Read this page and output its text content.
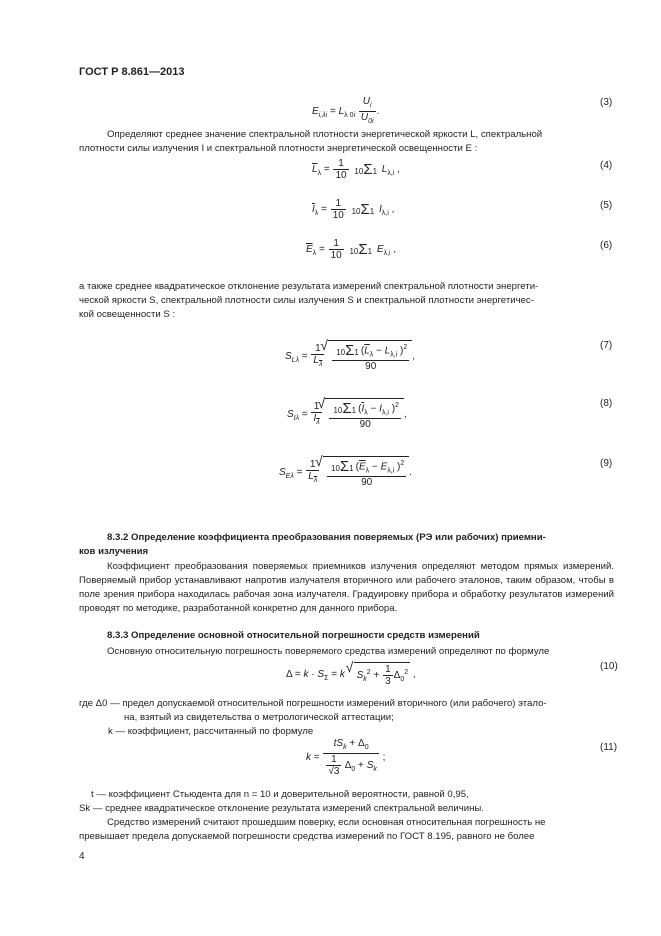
ГОСТ Р 8.861—2013
$E_{i,\lambda i} = L_{\lambda 0i} \frac{U_i}{U_{0i}}$ .
(3)
Определяют среднее значение спектральной плотности энергетической яркости L, спектральной
плотности силы излучения I и спектральной плотности энергетической освещенности E :
$\overline{L}_\lambda = \frac{1}{10} 10\Sigma 1$ $L_{\lambda,i}$ ,	(4)
$\overline{I}_\lambda = \frac{1}{10} 10\Sigma 1$ $I_{\lambda,i}$ ,	(5)
$\overline{E}_\lambda = \frac{1}{10} 10\Sigma 1$ $E_{\lambda,i}$ ,	(6)
а также среднее квадратическое отклонение результата измерений спектральной плотности энергети-
ческой яркости S, спектральной плотности силы излучения S и спектральной плотности энергетичес-
кой освещенности S :
$S_{L\lambda} = \frac{1}{L_\lambda}$
√ $\frac{10\Sigma 1 (\overline{L}_\lambda - L_{\lambda,i} )^2}{90}$ ,
(7)
$S_{I\lambda} = \frac{1}{I_\lambda}$
√ $\frac{10\Sigma 1 (\overline{I}_\lambda - I_{\lambda,i} )^2}{90}$ ,
(8)
$S_{E\lambda} = \frac{1}{L_\lambda}$
√ $\frac{10\Sigma 1 (\overline{E}_\lambda - E_{\lambda,i} )^2}{90}$ .
(9)
8.3.2 Определение коэффициента преобразования поверяемых (РЭ или рабочих) приемни-
ков излучения
Коэффициент преобразования поверяемых приемников излучения определяют методом прямых измерений. Поверяемый прибор устанавливают напротив излучателя вторичного или рабочего эталонов, таким образом, чтобы в поле зрения прибора находилась рабочая зона излучателя. Градуировку прибора и обработку результатов измерений проводят по методике, разработанной конкретно для данного прибора.
8.3.3 Определение основной относительной погрешности средств измерений
Основную относительную погрешность поверяемого средства измерений определяют по формуле
$\Delta = k \cdot S_\Sigma = k$ √ $S_k^2 + \frac{1}{3} \Delta_0^2$ ,
(10)
где Δ0 — предел допускаемой относительной погрешности измерений вторичного (или рабочего) этало-
на, взятый из свидетельства о метрологической аттестации;
k — коэффициент, рассчитанный по формуле
$k = \frac{tS_k + \Delta_0}{\frac{1}{√3} \Delta_0 + S_k}$ ;
(11)
t — коэффициент Стьюдента для n = 10 и доверительной вероятности, равной 0,95,
Sk — среднее квадратическое отклонение результата измерений спектральной величины.
Средство измерений считают прошедшим поверку, если основная относительная погрешность не
превышает предела допускаемой погрешности средства измерений по ГОСТ 8.195, равного не более
4
